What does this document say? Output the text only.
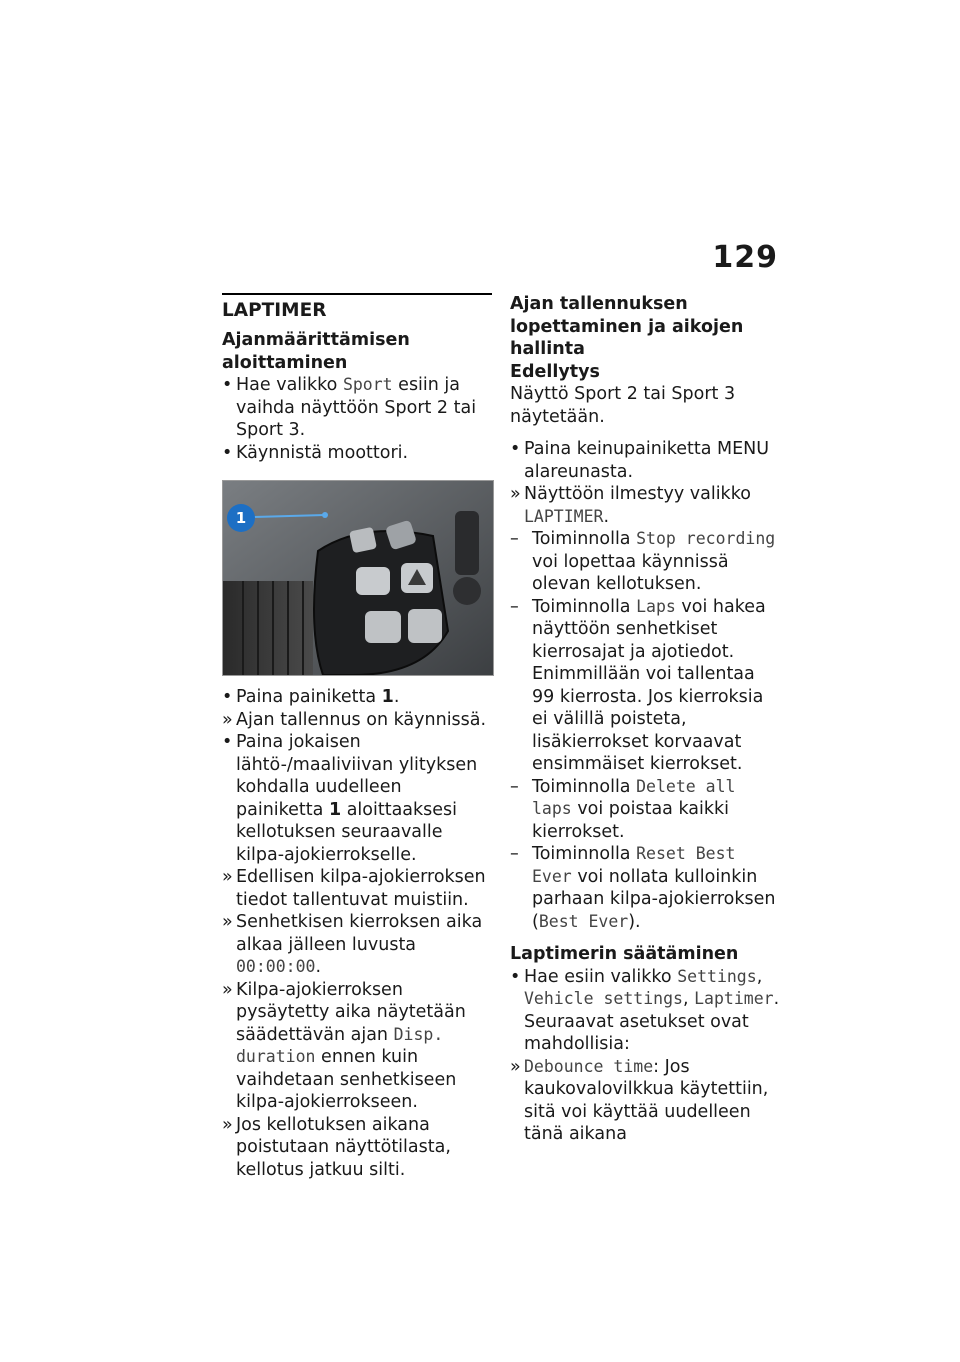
129
LAPTIMER
Ajanmäärittämisen aloittaminen
• Hae valikko Sport esiin ja vaihda näyttöön Sport 2 tai Sport 3.
• Käynnistä moottori.
1
• Paina painiketta 1.
» Ajan tallennus on käynnissä.
• Paina jokaisen lähtö-/maaliviivan ylityksen kohdalla uudelleen painiketta 1 aloittaaksesi kellotuksen seuraavalle kilpa-ajokierrokselle.
» Edellisen kilpa-ajokierroksen tiedot tallentuvat muistiin.
» Senhetkisen kierroksen aika alkaa jälleen luvusta 00:00:00.
» Kilpa-ajokierroksen pysäytetty aika näytetään säädettävän ajan Disp. duration ennen kuin vaihdetaan senhetkiseen kilpa-ajokierrokseen.
» Jos kellotuksen aikana poistutaan näyttötilasta, kellotus jatkuu silti.
Ajan tallennuksen lopettaminen ja aikojen hallinta
Edellytys

Näyttö Sport 2 tai Sport 3 näytetään.

• Paina keinupainiketta MENU alareunasta.
» Näyttöön ilmestyy valikko LAPTIMER.
– Toiminnolla Stop recording voi lopettaa käynnissä olevan kellotuksen.
– Toiminnolla Laps voi hakea näyttöön senhetkiset kierrosajat ja ajotiedot. Enimmillään voi tallentaa 99 kierrosta. Jos kierroksia ei välillä poisteta, lisäkierrokset korvaavat ensimmäiset kierrokset.
– Toiminnolla Delete all laps voi poistaa kaikki kierrokset.
– Toiminnolla Reset Best Ever voi nollata kulloinkin parhaan kilpa-ajokierroksen (Best Ever).
Laptimerin säätäminen
• Hae esiin valikko Settings, Vehicle settings, Laptimer. Seuraavat asetukset ovat mahdollisia:
» Debounce time: Jos kaukovalovilkkua käytettiin, sitä voi käyttää uudelleen tänä aikana
